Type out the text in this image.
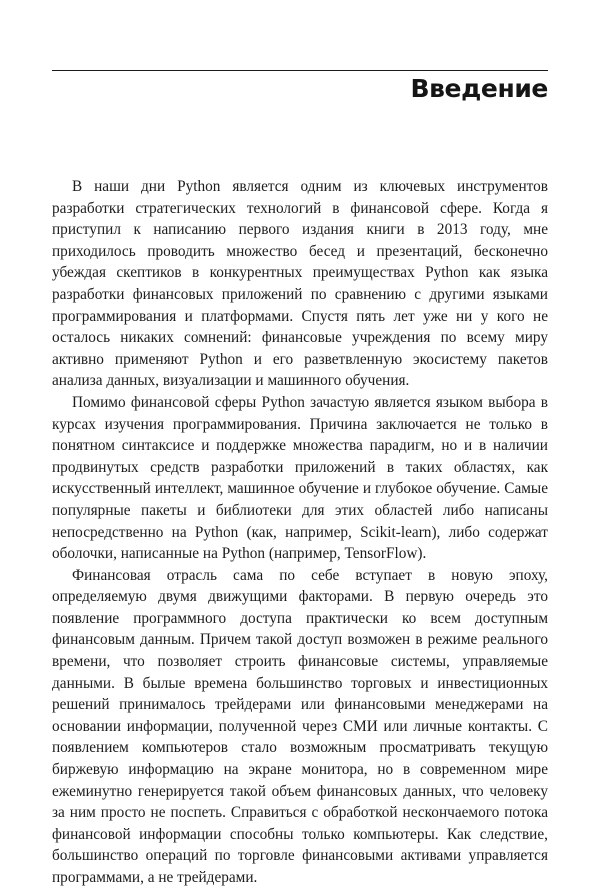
Введение

В наши дни Python является одним из ключевых инструментов разработки стратегических технологий в финансовой сфере. Когда я приступил к написанию первого издания книги в 2013 году, мне приходилось проводить множество бесед и презентаций, бесконечно убеждая скептиков в конкурентных преимуществах Python как языка разработки финансовых приложений по сравнению с другими языками программирования и платформами. Спустя пять лет уже ни у кого не осталось никаких сомнений: финансовые учреждения по всему миру активно применяют Python и его разветвленную экосистему пакетов анализа данных, визуализации и машинного обучения.

Помимо финансовой сферы Python зачастую является языком выбора в курсах изучения программирования. Причина заключается не только в понятном синтаксисе и поддержке множества парадигм, но и в наличии продвинутых средств разработки приложений в таких областях, как искусственный интеллект, машинное обучение и глубокое обучение. Самые популярные пакеты и библиотеки для этих областей либо написаны непосредственно на Python (как, например, Scikit-learn), либо содержат оболочки, написанные на Python (например, TensorFlow).

Финансовая отрасль сама по себе вступает в новую эпоху, определяемую двумя движущими факторами. В первую очередь это появление программного доступа практически ко всем доступным финансовым данным. Причем такой доступ возможен в режиме реального времени, что позволяет строить финансовые системы, управляемые данными. В былые времена большинство торговых и инвестиционных решений принималось трейдерами или финансовыми менеджерами на основании информации, полученной через СМИ или личные контакты. С появлением компьютеров стало возможным просматривать текущую биржевую информацию на экране монитора, но в современном мире ежеминутно генерируется такой объем финансовых данных, что человеку за ним просто не поспеть. Справиться с обработкой нескончаемого потока финансовой информации способны только компьютеры. Как следствие, большинство операций по торговле финансовыми активами управляется программами, а не трейдерами.
